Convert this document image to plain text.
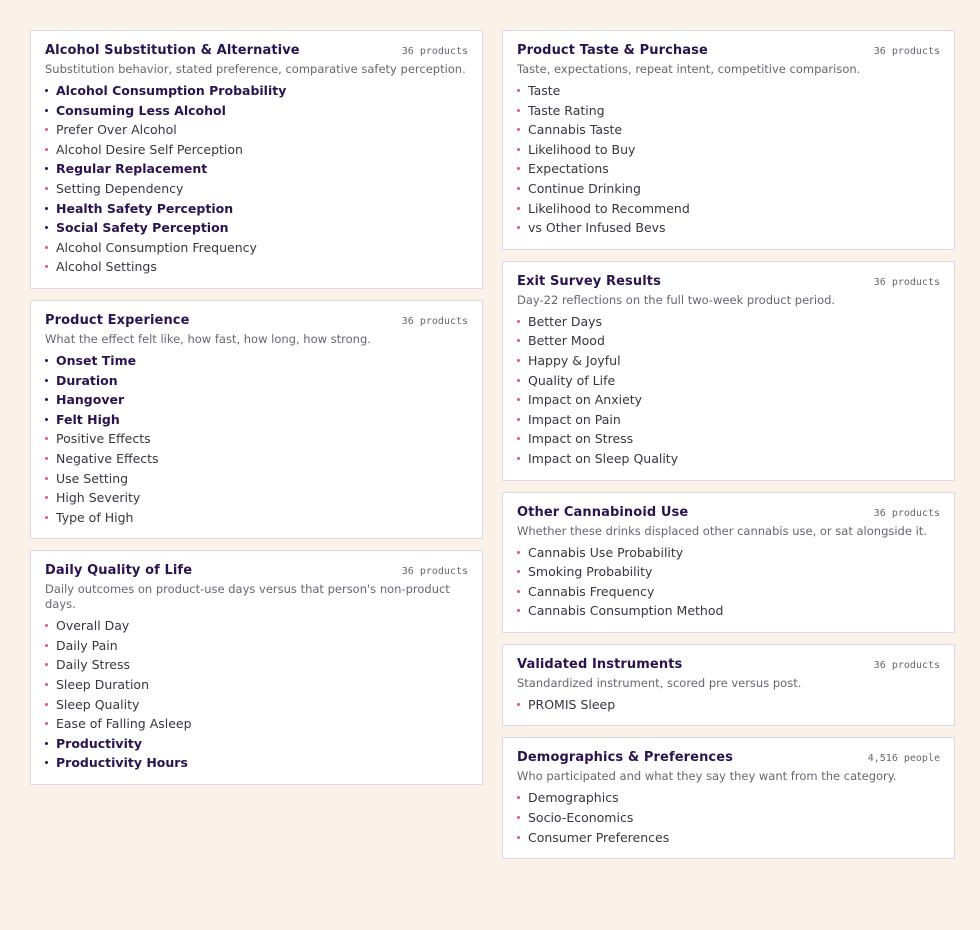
Alcohol Substitution & Alternative	36 products
Substitution behavior, stated preference, comparative safety perception.
Alcohol Consumption Probability
Consuming Less Alcohol
Prefer Over Alcohol
Alcohol Desire Self Perception
Regular Replacement
Setting Dependency
Health Safety Perception
Social Safety Perception
Alcohol Consumption Frequency
Alcohol Settings
Product Experience	36 products
What the effect felt like, how fast, how long, how strong.
Onset Time
Duration
Hangover
Felt High
Positive Effects
Negative Effects
Use Setting
High Severity
Type of High
Daily Quality of Life	36 products
Daily outcomes on product-use days versus that person's non-product days.
Overall Day
Daily Pain
Daily Stress
Sleep Duration
Sleep Quality
Ease of Falling Asleep
Productivity
Productivity Hours
Product Taste & Purchase	36 products
Taste, expectations, repeat intent, competitive comparison.
Taste
Taste Rating
Cannabis Taste
Likelihood to Buy
Expectations
Continue Drinking
Likelihood to Recommend
vs Other Infused Bevs
Exit Survey Results	36 products
Day-22 reflections on the full two-week product period.
Better Days
Better Mood
Happy & Joyful
Quality of Life
Impact on Anxiety
Impact on Pain
Impact on Stress
Impact on Sleep Quality
Other Cannabinoid Use	36 products
Whether these drinks displaced other cannabis use, or sat alongside it.
Cannabis Use Probability
Smoking Probability
Cannabis Frequency
Cannabis Consumption Method
Validated Instruments	36 products
Standardized instrument, scored pre versus post.
PROMIS Sleep
Demographics & Preferences	4,516 people
Who participated and what they say they want from the category.
Demographics
Socio-Economics
Consumer Preferences
